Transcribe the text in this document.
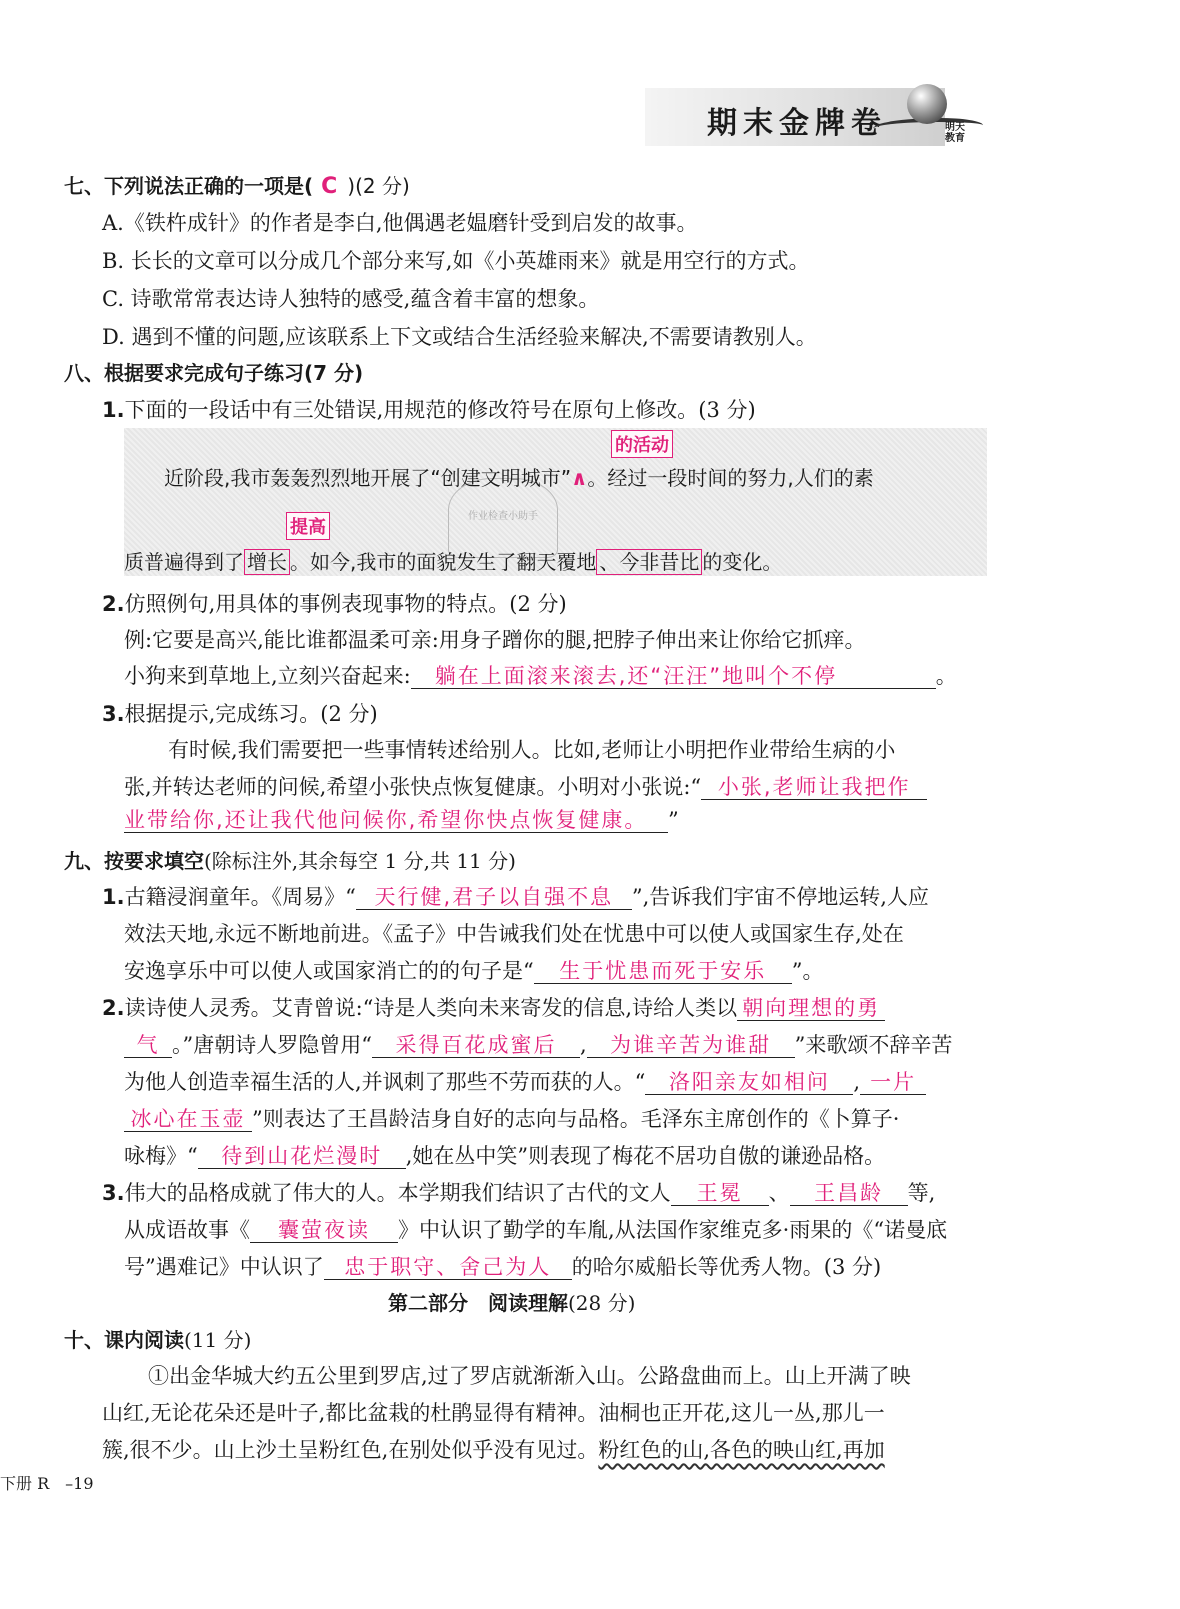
期末金牌卷	明天教育
七、下列说法正确的一项是( C )(2 分)
A.《铁杵成针》的作者是李白,他偶遇老媪磨针受到启发的故事。
B. 长长的文章可以分成几个部分来写,如《小英雄雨来》就是用空行的方式。
C. 诗歌常常表达诗人独特的感受,蕴含着丰富的想象。
D. 遇到不懂的问题,应该联系上下文或结合生活经验来解决,不需要请教别人。
八、根据要求完成句子练习(7 分)
1.下面的一段话中有三处错误,用规范的修改符号在原句上修改。(3 分)
的活动
提高
作业检查小助手
近阶段,我市轰轰烈烈地开展了“创建文明城市”∧。经过一段时间的努力,人们的素
质普遍得到了 增长 。如今,我市的面貌发生了翻天覆地 、今非昔比 的变化。
2.仿照例句,用具体的事例表现事物的特点。(2 分)
例:它要是高兴,能比谁都温柔可亲:用身子蹭你的腿,把脖子伸出来让你给它抓痒。
小狗来到草地上,立刻兴奋起来: 躺在上面滚来滚去,还“汪汪”地叫个不停	。
3.根据提示,完成练习。(2 分)
有时候,我们需要把一些事情转述给别人。比如,老师让小明把作业带给生病的小
张,并转达老师的问候,希望小张快点恢复健康。小明对小张说:“ 小张,老师让我把作
业带给你,还让我代他问候你,希望你快点恢复健康。 ”
九、按要求填空(除标注外,其余每空 1 分,共 11 分)
1.古籍浸润童年。《周易》“ 天行健,君子以自强不息 ”,告诉我们宇宙不停地运转,人应
效法天地,永远不断地前进。《孟子》中告诫我们处在忧患中可以使人或国家生存,处在
安逸享乐中可以使人或国家消亡的的句子是“ 生于忧患而死于安乐 ”。
2.读诗使人灵秀。艾青曾说:“诗是人类向未来寄发的信息,诗给人类以 朝向理想的勇
气 。”唐朝诗人罗隐曾用“ 采得百花成蜜后 , 为谁辛苦为谁甜 ”来歌颂不辞辛苦
为他人创造幸福生活的人,并讽刺了那些不劳而获的人。“ 洛阳亲友如相问 , 一片
冰心在玉壶 ”则表达了王昌龄洁身自好的志向与品格。毛泽东主席创作的《卜算子·
咏梅》“ 待到山花烂漫时 ,她在丛中笑”则表现了梅花不居功自傲的谦逊品格。
3.伟大的品格成就了伟大的人。本学期我们结识了古代的文人 王冕 、 王昌龄 等,
从成语故事《 囊萤夜读 》中认识了勤学的车胤,从法国作家维克多·雨果的《“诺曼底
号”遇难记》中认识了 忠于职守、舍己为人 的哈尔威船长等优秀人物。(3 分)
第二部分　阅读理解(28 分)
十、课内阅读(11 分)
①出金华城大约五公里到罗店,过了罗店就渐渐入山。公路盘曲而上。山上开满了映
山红,无论花朵还是叶子,都比盆栽的杜鹃显得有精神。油桐也正开花,这儿一丛,那儿一
簇,很不少。山上沙土呈粉红色,在别处似乎没有见过。粉红色的山,各色的映山红,再加
下册 R　–19
